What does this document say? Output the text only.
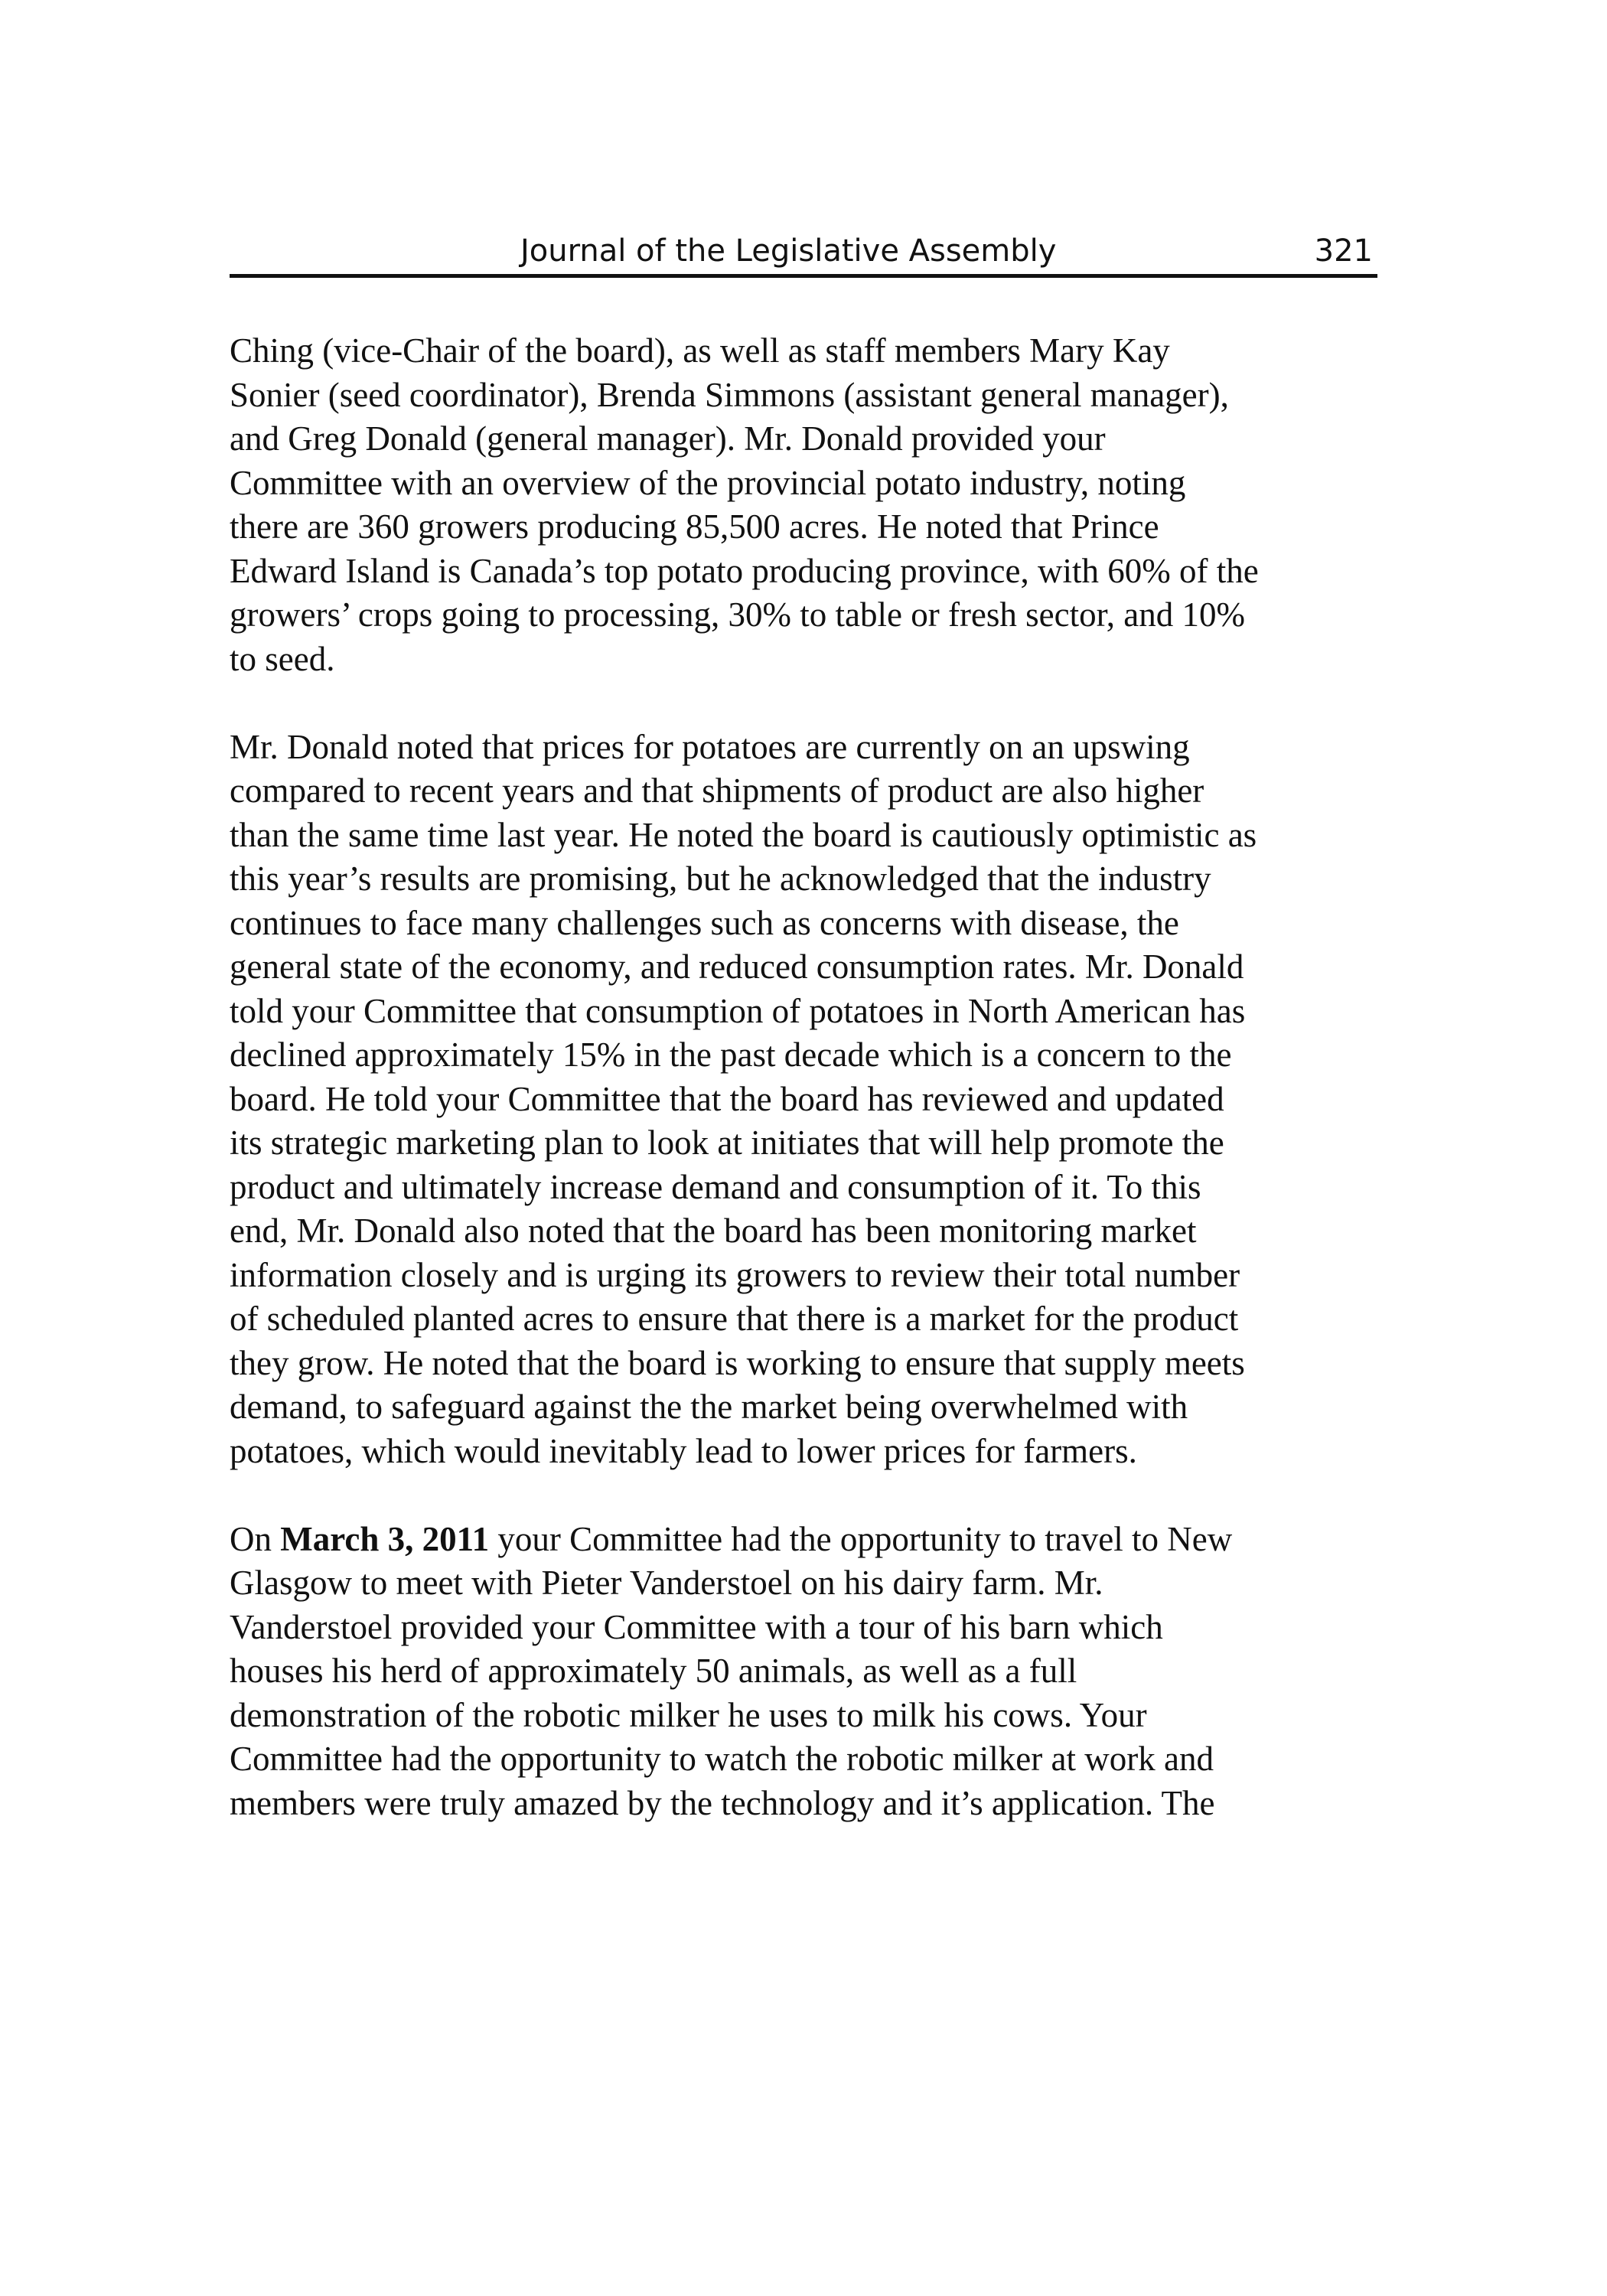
Journal of the Legislative Assembly	321

Ching (vice-Chair of the board), as well as staff members Mary Kay
Sonier (seed coordinator), Brenda Simmons (assistant general manager),
and Greg Donald (general manager). Mr. Donald provided your
Committee with an overview of the provincial potato industry, noting
there are 360 growers producing 85,500 acres. He noted that Prince
Edward Island is Canada’s top potato producing province, with 60% of the
growers’ crops going to processing, 30% to table or fresh sector, and 10%
to seed.

Mr. Donald noted that prices for potatoes are currently on an upswing
compared to recent years and that shipments of product are also higher
than the same time last year. He noted the board is cautiously optimistic as
this year’s results are promising, but he acknowledged that the industry
continues to face many challenges such as concerns with disease, the
general state of the economy, and reduced consumption rates. Mr. Donald
told your Committee that consumption of potatoes in North American has
declined approximately 15% in the past decade which is a concern to the
board. He told your Committee that the board has reviewed and updated
its strategic marketing plan to look at initiates that will help promote the
product and ultimately increase demand and consumption of it. To this
end, Mr. Donald also noted that the board has been monitoring market
information closely and is urging its growers to review their total number
of scheduled planted acres to ensure that there is a market for the product
they grow. He noted that the board is working to ensure that supply meets
demand, to safeguard against the the market being overwhelmed with
potatoes, which would inevitably lead to lower prices for farmers.

On March 3, 2011 your Committee had the opportunity to travel to New
Glasgow to meet with Pieter Vanderstoel on his dairy farm. Mr.
Vanderstoel provided your Committee with a tour of his barn which
houses his herd of approximately 50 animals, as well as a full
demonstration of the robotic milker he uses to milk his cows. Your
Committee had the opportunity to watch the robotic milker at work and
members were truly amazed by the technology and it’s application. The
